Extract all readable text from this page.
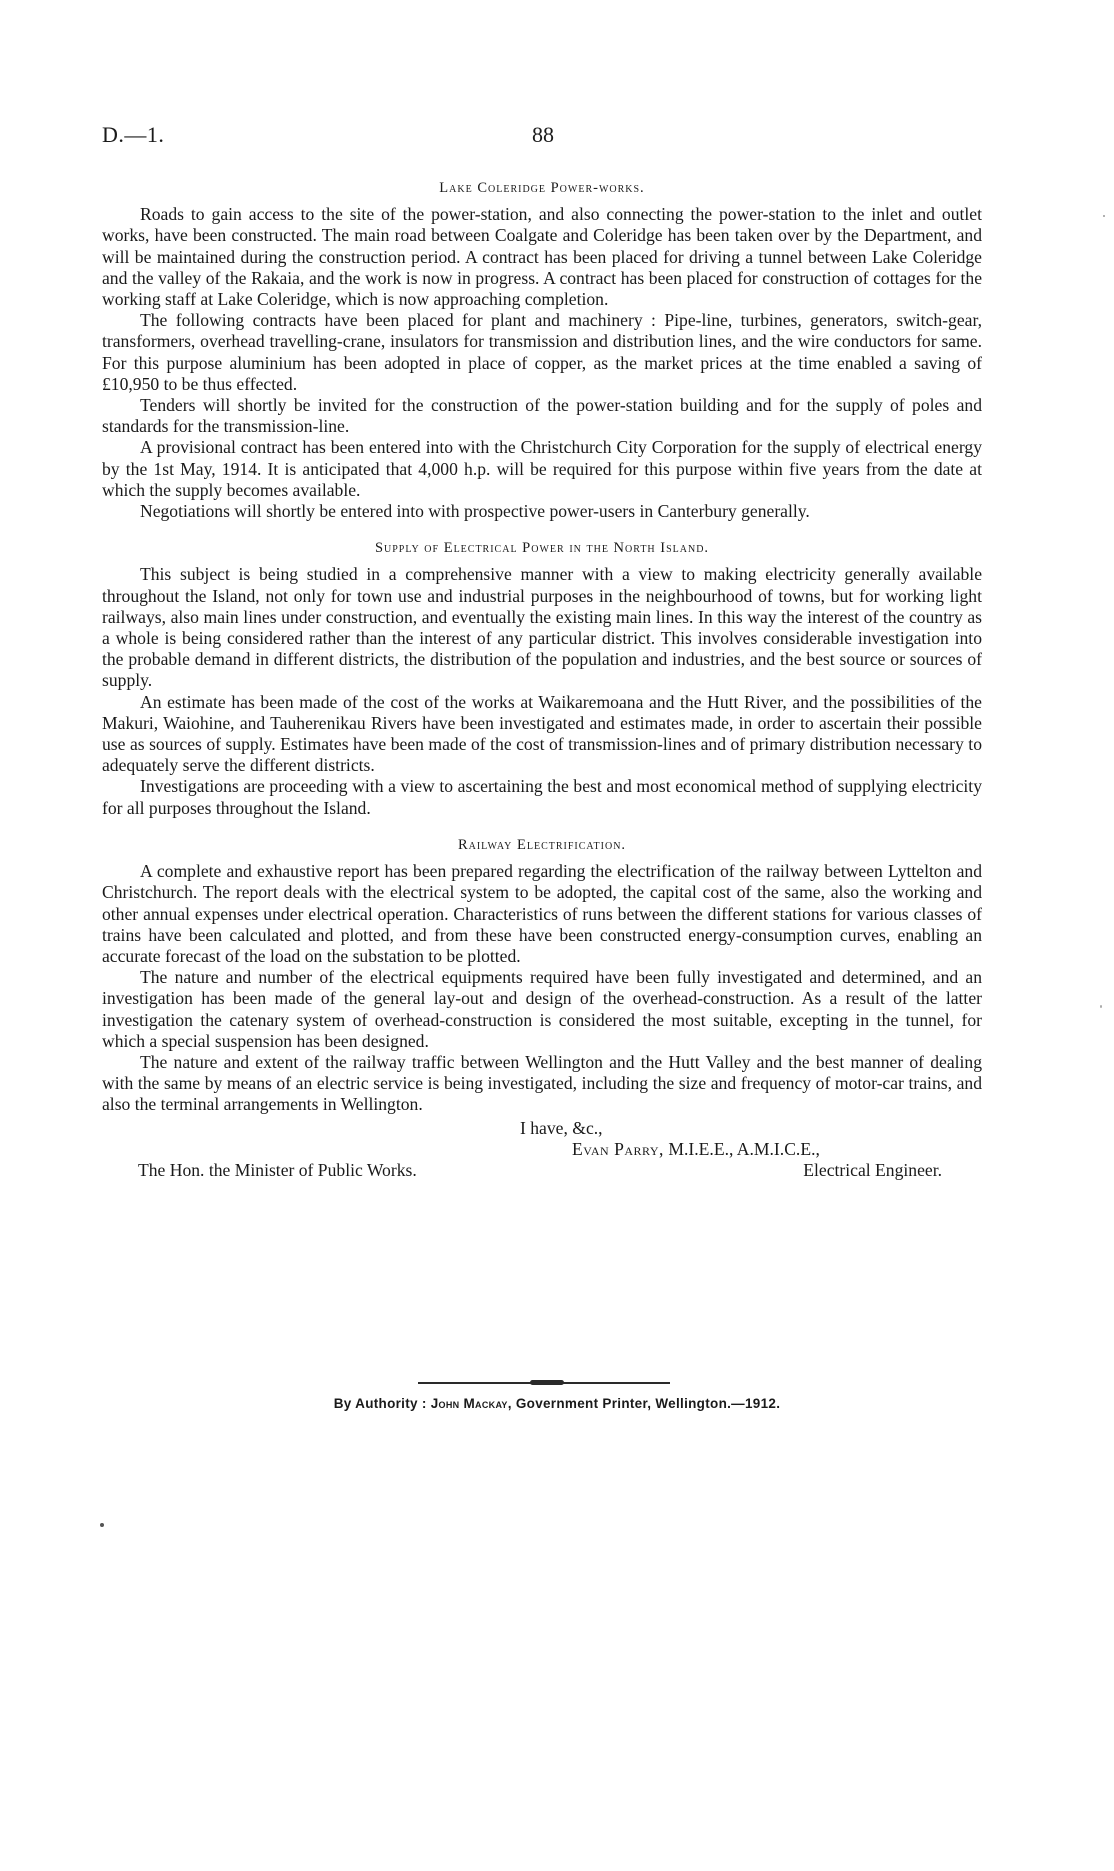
D.—1.	88
Lake Coleridge Power-works.

Roads to gain access to the site of the power-station, and also connecting the power-station to the inlet and outlet works, have been constructed. The main road between Coalgate and Coleridge has been taken over by the Department, and will be maintained during the construction period. A contract has been placed for driving a tunnel between Lake Coleridge and the valley of the Rakaia, and the work is now in progress. A contract has been placed for construction of cottages for the working staff at Lake Coleridge, which is now approaching completion.

The following contracts have been placed for plant and machinery : Pipe-line, turbines, generators, switch-gear, transformers, overhead travelling-crane, insulators for transmission and distribution lines, and the wire conductors for same. For this purpose aluminium has been adopted in place of copper, as the market prices at the time enabled a saving of £10,950 to be thus effected.

Tenders will shortly be invited for the construction of the power-station building and for the supply of poles and standards for the transmission-line.

A provisional contract has been entered into with the Christchurch City Corporation for the supply of electrical energy by the 1st May, 1914. It is anticipated that 4,000 h.p. will be required for this purpose within five years from the date at which the supply becomes available.

Negotiations will shortly be entered into with prospective power-users in Canterbury generally.

Supply of Electrical Power in the North Island.

This subject is being studied in a comprehensive manner with a view to making electricity generally available throughout the Island, not only for town use and industrial purposes in the neighbourhood of towns, but for working light railways, also main lines under construction, and eventually the existing main lines. In this way the interest of the country as a whole is being considered rather than the interest of any particular district. This involves considerable investigation into the probable demand in different districts, the distribution of the population and industries, and the best source or sources of supply.

An estimate has been made of the cost of the works at Waikaremoana and the Hutt River, and the possibilities of the Makuri, Waiohine, and Tauherenikau Rivers have been investigated and estimates made, in order to ascertain their possible use as sources of supply. Estimates have been made of the cost of transmission-lines and of primary distribution necessary to adequately serve the different districts.

Investigations are proceeding with a view to ascertaining the best and most economical method of supplying electricity for all purposes throughout the Island.

Railway Electrification.

A complete and exhaustive report has been prepared regarding the electrification of the railway between Lyttelton and Christchurch. The report deals with the electrical system to be adopted, the capital cost of the same, also the working and other annual expenses under electrical operation. Characteristics of runs between the different stations for various classes of trains have been calculated and plotted, and from these have been constructed energy-consumption curves, enabling an accurate forecast of the load on the substation to be plotted.

The nature and number of the electrical equipments required have been fully investigated and determined, and an investigation has been made of the general lay-out and design of the overhead-construction. As a result of the latter investigation the catenary system of overhead-construction is considered the most suitable, excepting in the tunnel, for which a special suspension has been designed.

The nature and extent of the railway traffic between Wellington and the Hutt Valley and the best manner of dealing with the same by means of an electric service is being investigated, including the size and frequency of motor-car trains, and also the terminal arrangements in Wellington.

I have, &c.,
Evan Parry, M.I.E.E., A.M.I.C.E.,
The Hon. the Minister of Public Works.	Electrical Engineer.
By Authority : John Mackay, Government Printer, Wellington.—1912.
